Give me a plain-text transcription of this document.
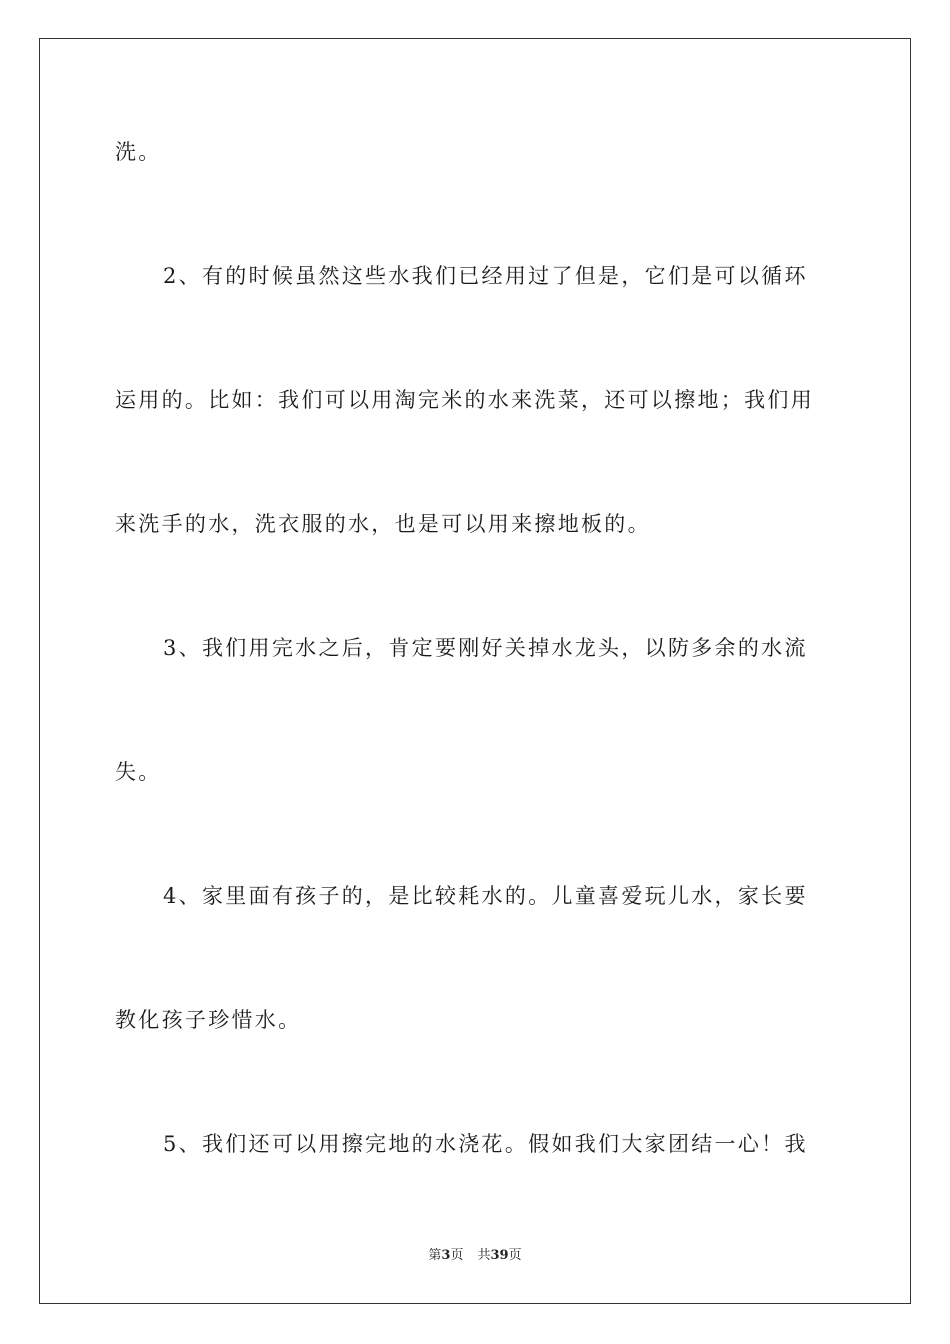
洗。
2、有的时候虽然这些水我们已经用过了但是，它们是可以循环
运用的。比如：我们可以用淘完米的水来洗菜，还可以擦地；我们用
来洗手的水，洗衣服的水，也是可以用来擦地板的。
3、我们用完水之后，肯定要刚好关掉水龙头，以防多余的水流
失。
4、家里面有孩子的，是比较耗水的。儿童喜爱玩儿水，家长要
教化孩子珍惜水。
5、我们还可以用擦完地的水浇花。假如我们大家团结一心！我
第3页 共39页
